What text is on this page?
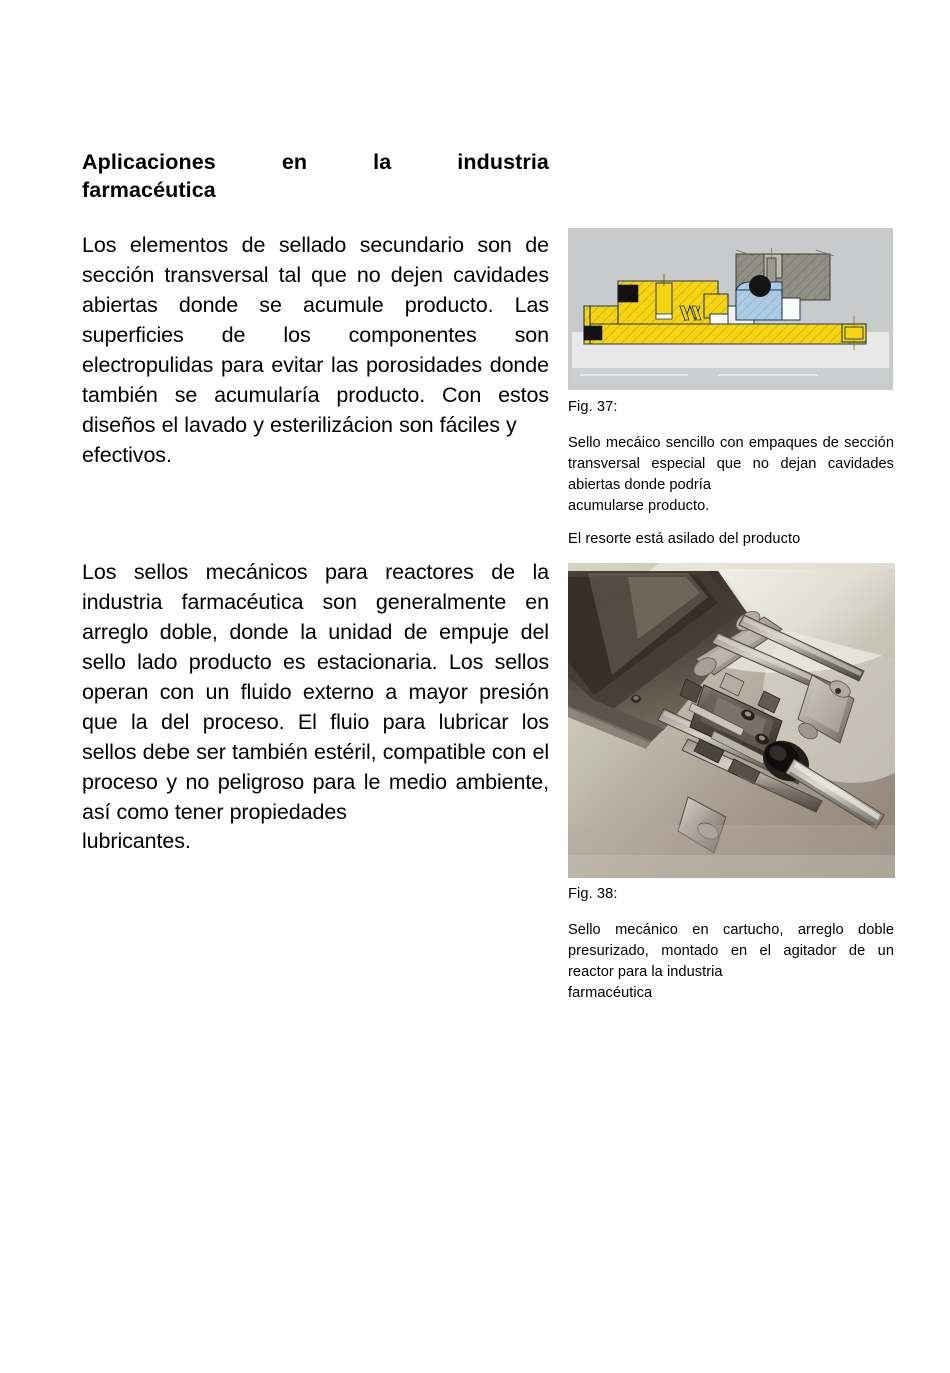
Aplicaciones en la industria
farmacéutica

Los elementos de sellado secundario son de sección transversal tal que no dejen cavidades abiertas donde se acumule producto. Las superficies de los componentes son electropulidas para evitar las porosidades donde también se acumularía producto. Con estos diseños el lavado y esterilizácion son fáciles y
efectivos.

Los sellos mecánicos para reactores de la industria farmacéutica son generalmente en arreglo doble, donde la unidad de empuje del sello lado producto es estacionaria. Los sellos operan con un fluido externo a mayor presión que la del proceso. El fluio para lubricar los sellos debe ser también estéril, compatible con el proceso y no peligroso para le medio ambiente, así como tener propiedades
lubricantes.

Fig. 37:

Sello mecáico sencillo con empaques de sección transversal especial que no dejan cavidades abiertas donde podría
acumularse producto.

El resorte está asilado del producto

Fig. 38:

Sello mecánico en cartucho, arreglo doble presurizado, montado en el agitador de un reactor para la industria
farmacéutica
